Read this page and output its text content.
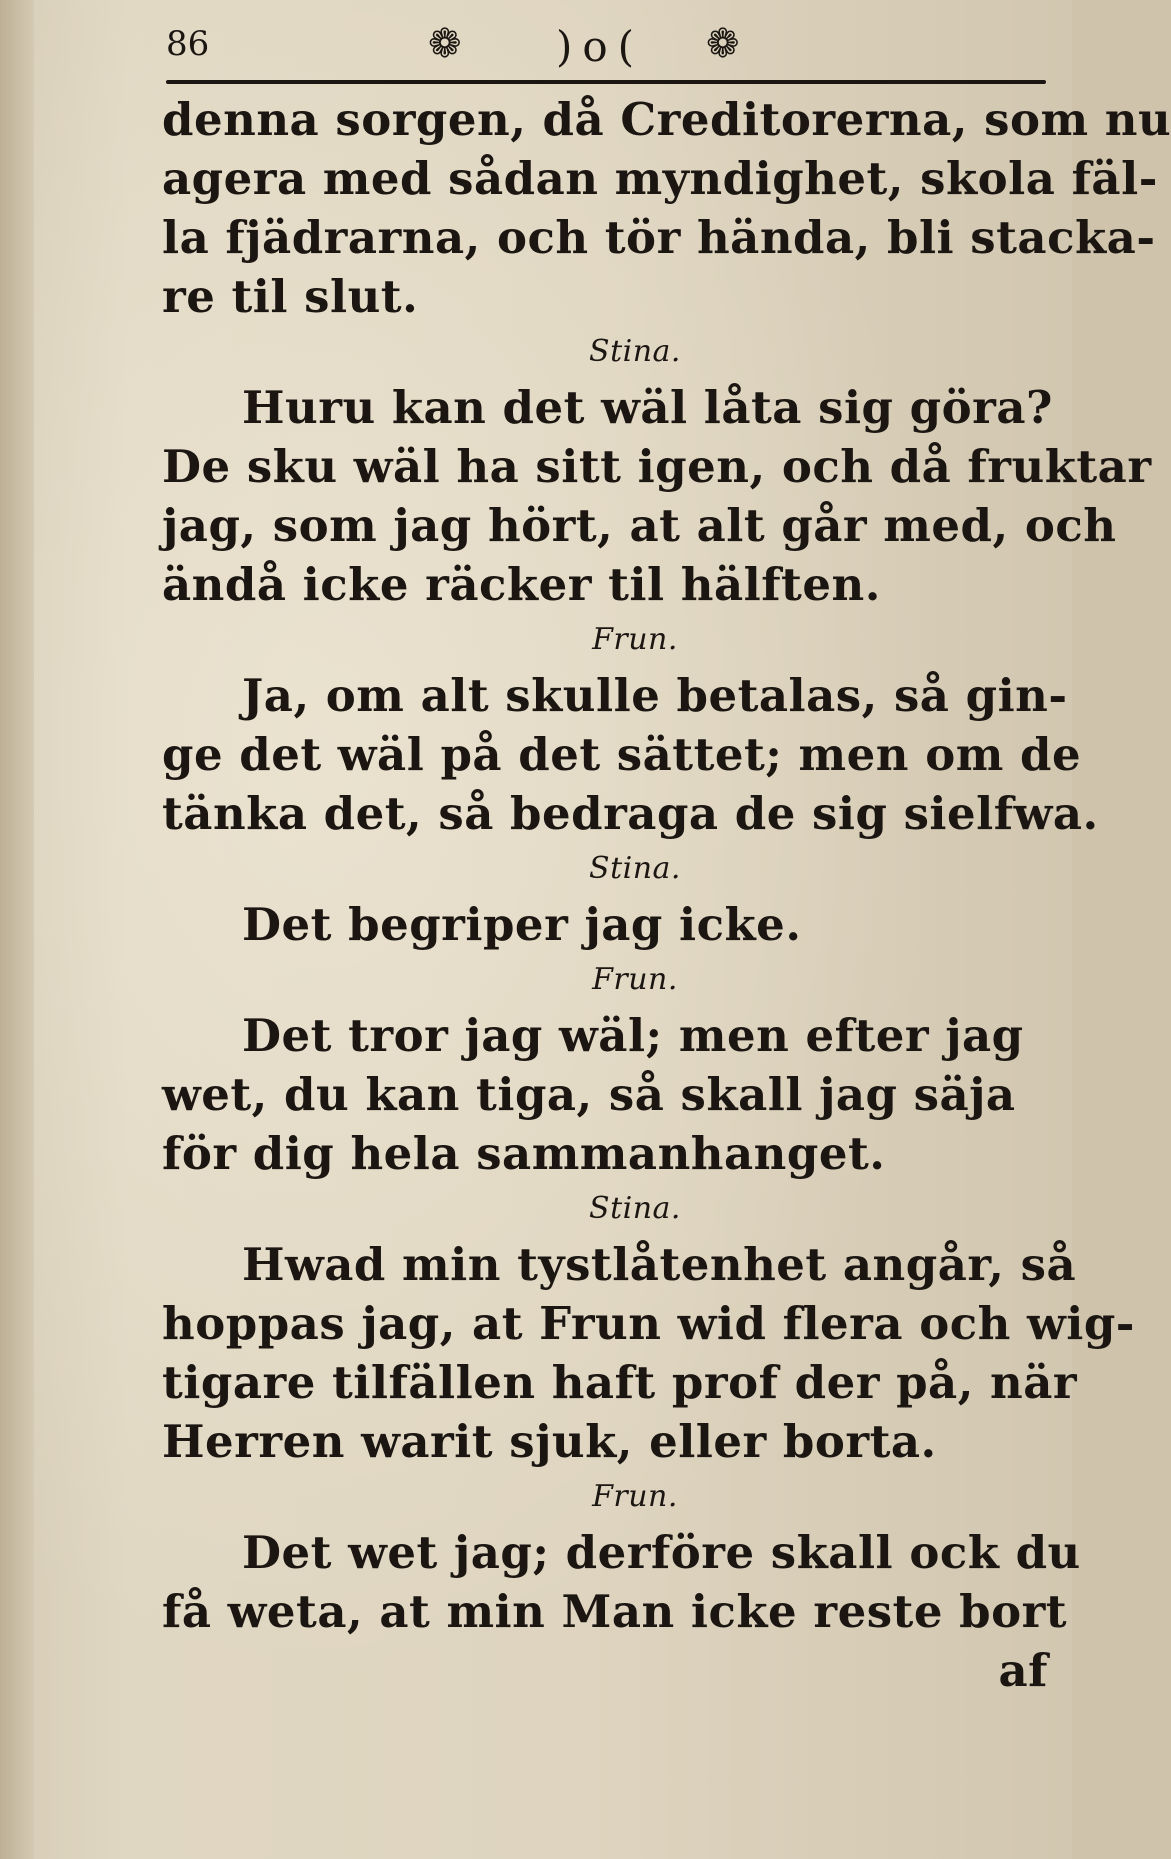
86	❁ )o( ❁
denna sorgen, då Creditorerna, som nu
agera med sådan myndighet, skola fäl-
la fjädrarna, och tör hända, bli stacka-
re til slut.
Stina.
Huru kan det wäl låta sig göra?
De sku wäl ha sitt igen, och då fruktar
jag, som jag hört, at alt går med, och
ändå icke räcker til hälften.
Frun.
Ja, om alt skulle betalas, så gin-
ge det wäl på det sättet; men om de
tänka det, så bedraga de sig sielfwa.
Stina.
Det begriper jag icke.
Frun.
Det tror jag wäl; men efter jag
wet, du kan tiga, så skall jag säja
för dig hela sammanhanget.
Stina.
Hwad min tystlåtenhet angår, så
hoppas jag, at Frun wid flera och wig-
tigare tilfällen haft prof der på, när
Herren warit sjuk, eller borta.
Frun.
Det wet jag; derföre skall ock du
få weta, at min Man icke reste bort
af
